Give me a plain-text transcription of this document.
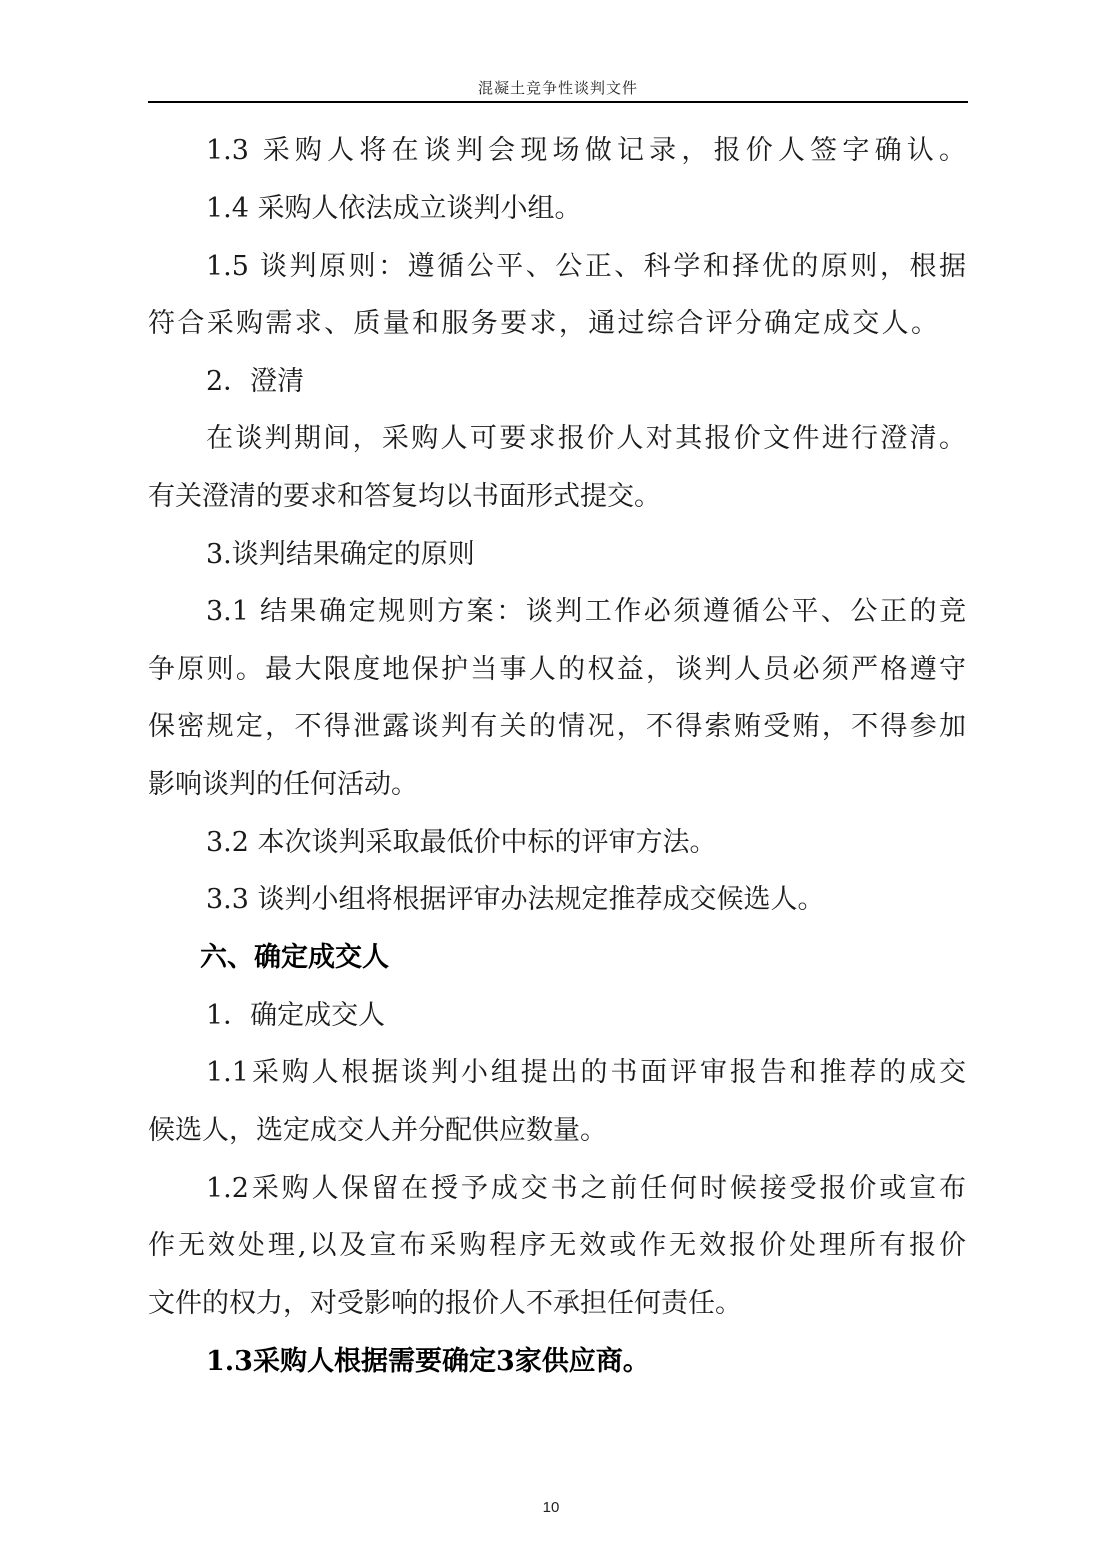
混凝土竞争性谈判文件
1.3 采购人将在谈判会现场做记录，报价人签字确认。
1.4 采购人依法成立谈判小组。
1.5 谈判原则：遵循公平、公正、科学和择优的原则，根据
符合采购需求、质量和服务要求，通过综合评分确定成交人。
2．澄清
在谈判期间，采购人可要求报价人对其报价文件进行澄清。
有关澄清的要求和答复均以书面形式提交。
3.谈判结果确定的原则
3.1 结果确定规则方案：谈判工作必须遵循公平、公正的竞
争原则。最大限度地保护当事人的权益，谈判人员必须严格遵守
保密规定，不得泄露谈判有关的情况，不得索贿受贿，不得参加
影响谈判的任何活动。
3.2 本次谈判采取最低价中标的评审方法。
3.3 谈判小组将根据评审办法规定推荐成交候选人。
六、确定成交人
1．确定成交人
1.1采购人根据谈判小组提出的书面评审报告和推荐的成交
候选人，选定成交人并分配供应数量。
1.2采购人保留在授予成交书之前任何时候接受报价或宣布
作无效处理,以及宣布采购程序无效或作无效报价处理所有报价
文件的权力，对受影响的报价人不承担任何责任。
1.3采购人根据需要确定3家供应商。
10
